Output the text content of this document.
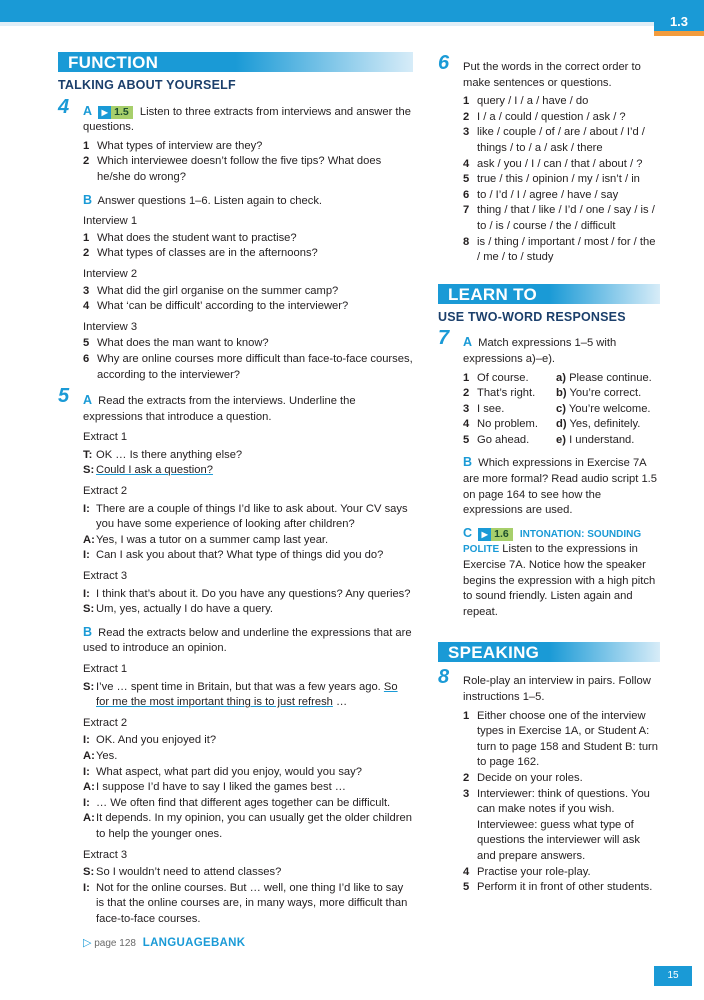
1.3
FUNCTION
TALKING ABOUT YOURSELF
4 A ▶ 1.5 Listen to three extracts from interviews and answer the questions.
1 What types of interview are they?
2 Which interviewee doesn’t follow the five tips? What does he/she do wrong?
B Answer questions 1–6. Listen again to check.
Interview 1
1 What does the student want to practise?
2 What types of classes are in the afternoons?
Interview 2
3 What did the girl organise on the summer camp?
4 What ‘can be difficult’ according to the interviewer?
Interview 3
5 What does the man want to know?
6 Why are online courses more difficult than face-to-face courses, according to the interviewer?
5 A Read the extracts from the interviews. Underline the expressions that introduce a question.
Extract 1
T: OK … Is there anything else?
S: Could I ask a question?
Extract 2
I: There are a couple of things I’d like to ask about. Your CV says you have some experience of looking after children?
A: Yes, I was a tutor on a summer camp last year.
I: Can I ask you about that? What type of things did you do?
Extract 3
I: I think that’s about it. Do you have any questions? Any queries?
S: Um, yes, actually I do have a query.
B Read the extracts below and underline the expressions that are used to introduce an opinion.
Extract 1
S: I’ve … spent time in Britain, but that was a few years ago. So for me the most important thing is to just refresh …
Extract 2
I: OK. And you enjoyed it?
A: Yes.
I: What aspect, what part did you enjoy, would you say?
A: I suppose I’d have to say I liked the games best …
I: … We often find that different ages together can be difficult.
A: It depends. In my opinion, you can usually get the older children to help the younger ones.
Extract 3
S: So I wouldn’t need to attend classes?
I: Not for the online courses. But … well, one thing I’d like to say is that the online courses are, in many ways, more difficult than face-to-face courses.
▷ page 128 LANGUAGEBANK
6 Put the words in the correct order to make sentences or questions.
1 query / I / a / have / do
2 I / a / could / question / ask / ?
3 like / couple / of / are / about / I’d / things / to / a / ask / there
4 ask / you / I / can / that / about / ?
5 true / this / opinion / my / isn’t / in
6 to / I’d / I / agree / have / say
7 thing / that / like / I’d / one / say / is / to / is / course / the / difficult
8 is / thing / important / most / for / the / me / to / study
LEARN TO
USE TWO-WORD RESPONSES
7 A Match expressions 1–5 with expressions a)–e).
1 Of course.
2 That’s right.
3 I see.
4 No problem.
5 Go ahead.
a) Please continue.
b) You’re correct.
c) You’re welcome.
d) Yes, definitely.
e) I understand.
B Which expressions in Exercise 7A are more formal? Read audio script 1.5 on page 164 to see how the expressions are used.
C ▶ 1.6 INTONATION: SOUNDING POLITE Listen to the expressions in Exercise 7A. Notice how the speaker begins the expression with a high pitch to sound friendly. Listen again and repeat.
SPEAKING
8 Role-play an interview in pairs. Follow instructions 1–5.
1 Either choose one of the interview types in Exercise 1A, or Student A: turn to page 158 and Student B: turn to page 162.
2 Decide on your roles.
3 Interviewer: think of questions. You can make notes if you wish. Interviewee: guess what type of questions the interviewer will ask and prepare answers.
4 Practise your role-play.
5 Perform it in front of other students.
15
